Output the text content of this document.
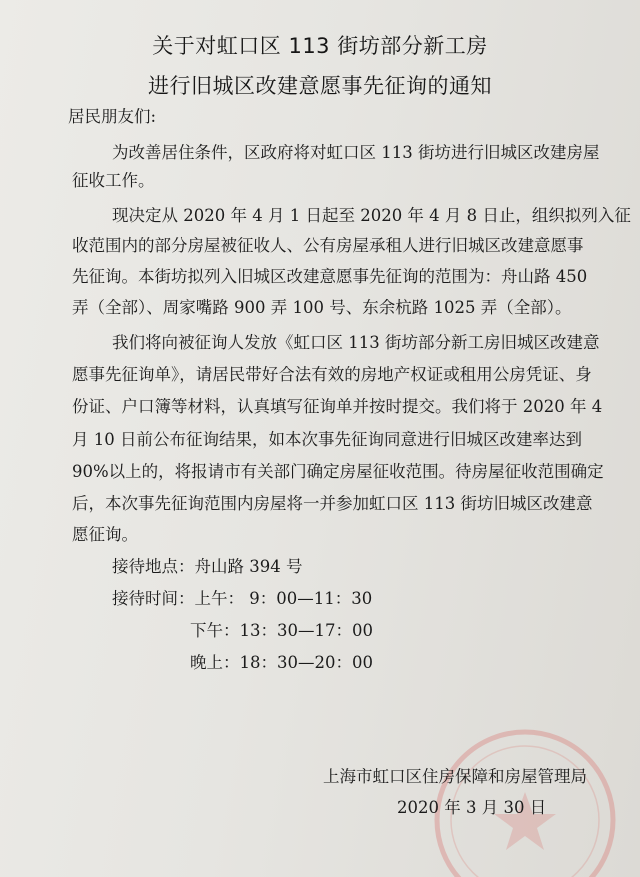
关于对虹口区 113 街坊部分新工房
进行旧城区改建意愿事先征询的通知
居民朋友们:
为改善居住条件，区政府将对虹口区 113 街坊进行旧城区改建房屋
征收工作。
现决定从 2020 年 4 月 1 日起至 2020 年 4 月 8 日止，组织拟列入征
收范围内的部分房屋被征收人、公有房屋承租人进行旧城区改建意愿事
先征询。本街坊拟列入旧城区改建意愿事先征询的范围为：舟山路 450
弄（全部）、周家嘴路 900 弄 100 号、东余杭路 1025 弄（全部）。
我们将向被征询人发放《虹口区 113 街坊部分新工房旧城区改建意
愿事先征询单》，请居民带好合法有效的房地产权证或租用公房凭证、身
份证、户口簿等材料，认真填写征询单并按时提交。我们将于 2020 年 4
月 10 日前公布征询结果，如本次事先征询同意进行旧城区改建率达到
90%以上的，将报请市有关部门确定房屋征收范围。待房屋征收范围确定
后，本次事先征询范围内房屋将一并参加虹口区 113 街坊旧城区改建意
愿征询。
接待地点：舟山路 394 号
接待时间：上午： 9：00—11：30
下午：13：30—17：00
晚上：18：30—20：00
上海市虹口区住房保障和房屋管理局
2020 年 3 月 30 日
